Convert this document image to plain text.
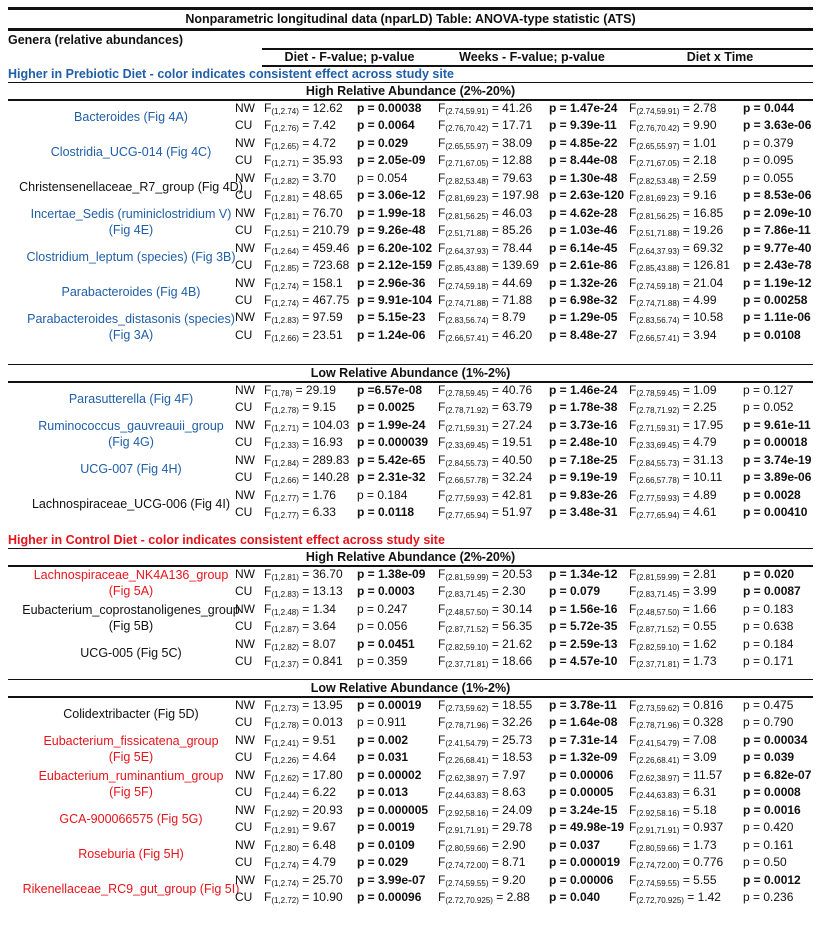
Nonparametric longitudinal data (nparLD) Table: ANOVA-type statistic (ATS)
Genera (relative abundances)
Diet - F-value; p-value	Weeks - F-value; p-value	Diet x Time
Higher in Prebiotic Diet - color indicates consistent effect across study site
High Relative Abundance (2%-20%)
Bacteroides (Fig 4A)
NW $F_{(1,2.74)} = 12.62$ p = 0.00038 $F_{(2.74,59.91)} = 41.26$ p = 1.47e-24 $F_{(2.74,59.91)} = 2.78$ p = 0.044
CU $F_{(1,2.76)} = 7.42$ p = 0.0064 $F_{(2.76,70.42)} = 17.71$ p = 9.39e-11 $F_{(2.76,70.42)} = 9.90$ p = 3.63e-06
Clostridia_UCG-014 (Fig 4C)
NW $F_{(1,2.65)} = 4.72$ p = 0.029 $F_{(2.65,55.97)} = 38.09$ p = 4.85e-22 $F_{(2.65,55.97)} = 1.01$ p = 0.379
CU $F_{(1,2.71)} = 35.93$ p = 2.05e-09 $F_{(2.71,67.05)} = 12.88$ p = 8.44e-08 $F_{(2.71,67.05)} = 2.18$ p = 0.095
Christensenellaceae_R7_group (Fig 4D)
NW $F_{(1,2.82)} = 3.70$ p = 0.054	$F_{(2.82,53.48)} = 79.63$ p = 1.30e-48 $F_{(2.82,53.48)} = 2.59$ p = 0.055
CU $F_{(1,2.81)} = 48.65$ p = 3.06e-12 $F_{(2.81,69.23)} = 197.98$ p = 2.63e-120 $F_{(2.81,69.23)} = 9.16$ p = 8.53e-06
Incertae_Sedis (ruminiclostridium V)
(Fig 4E)
NW $F_{(1,2.81)} = 76.70$ p = 1.99e-18 $F_{(2.81,56.25)} = 46.03$ p = 4.62e-28 $F_{(2.81,56.25)} = 16.85$ p = 2.09e-10
CU $F_{(1,2.51)} = 210.79$ p = 9.26e-48 $F_{(2.51,71.88)} = 85.26$ p = 1.03e-46 $F_{(2.51,71.88)} = 19.26$ p = 7.86e-11
Clostridium_leptum (species) (Fig 3B)
NW $F_{(1,2.64)} = 459.46$ p = 6.20e-102 $F_{(2.64,37.93)} = 78.44$ p = 6.14e-45 $F_{(2.64,37.93)} = 69.32$ p = 9.77e-40
CU $F_{(1,2.85)} = 723.68$ p = 2.12e-159 $F_{(2.85,43.88)} = 139.69$ p = 2.61e-86 $F_{(2.85,43.88)} = 126.81$ p = 2.43e-78
Parabacteroides (Fig 4B)
NW $F_{(1,2.74)} = 158.1$ p = 2.96e-36 $F_{(2.74,59.18)} = 44.69$ p = 1.32e-26 $F_{(2.74,59.18)} = 21.04$ p = 1.19e-12
CU $F_{(1,2.74)} = 467.75$ p = 9.91e-104 $F_{(2.74,71.88)} = 71.88$ p = 6.98e-32 $F_{(2.74,71.88)} = 4.99$ p = 0.00258
Parabacteroides_distasonis (species)
(Fig 3A)
NW $F_{(1,2.83)} = 97.59$ p = 5.15e-23 $F_{(2.83,56.74)} = 8.79$ p = 1.29e-05 $F_{(2.83,56.74)} = 10.58$ p = 1.11e-06
CU $F_{(1,2.66)} = 23.51$ p = 1.24e-06 $F_{(2.66,57.41)} = 46.20$ p = 8.48e-27 $F_{(2.66,57.41)} = 3.94$ p = 0.0108
Low Relative Abundance (1%-2%)
Parasutterella (Fig 4F)
NW $F_{(1,78)} = 29.19$ p =6.57e-08 $F_{(2.78,59.45)} = 40.76$ p = 1.46e-24 $F_{(2.78,59.45)} = 1.09$ p = 0.127
CU $F_{(1,2.78)} = 9.15$ p = 0.0025 $F_{(2.78,71.92)} = 63.79$ p = 1.78e-38 $F_{(2.78,71.92)} = 2.25$ p = 0.052
Ruminococcus_gauvreauii_group
(Fig 4G)
NW $F_{(1,2.71)} = 104.03$ p = 1.99e-24 $F_{(2.71,59.31)} = 27.24$ p = 3.73e-16 $F_{(2.71,59.31)} = 17.95$ p = 9.61e-11
CU $F_{(1,2.33)} = 16.93$ p = 0.000039 $F_{(2.33,69.45)} = 19.51$ p = 2.48e-10 $F_{(2.33,69.45)} = 4.79$ p = 0.00018
UCG-007 (Fig 4H)
NW $F_{(1,2.84)} = 289.83$ p = 5.42e-65 $F_{(2.84,55.73)} = 40.50$ p = 7.18e-25 $F_{(2.84,55.73)} = 31.13$ p = 3.74e-19
CU $F_{(1,2.66)} = 140.28$ p = 2.31e-32 $F_{(2.66,57.78)} = 32.24$ p = 9.19e-19 $F_{(2.66,57.78)} = 10.11$ p = 3.89e-06
Lachnospiraceae_UCG-006 (Fig 4I)
NW $F_{(1,2.77)} = 1.76$ p = 0.184	$F_{(2.77,59.93)} = 42.81$ p = 9.83e-26 $F_{(2.77,59.93)} = 4.89$ p = 0.0028
CU $F_{(1,2.77)} = 6.33$ p = 0.0118 $F_{(2.77,65.94)} = 51.97$ p = 3.48e-31 $F_{(2.77,65.94)} = 4.61$ p = 0.00410
Higher in Control Diet - color indicates consistent effect across study site
High Relative Abundance (2%-20%)
Lachnospiraceae_NK4A136_group
(Fig 5A)
NW $F_{(1,2.81)} = 36.70$ p = 1.38e-09 $F_{(2.81,59.99)} = 20.53$ p = 1.34e-12 $F_{(2.81,59.99)} = 2.81$ p = 0.020
CU $F_{(1,2.83)} = 13.13$ p = 0.0003 $F_{(2.83,71.45)} = 2.30$ p = 0.079 $F_{(2.83,71.45)} = 3.99$ p = 0.0087
Eubacterium_coprostanoligenes_group
(Fig 5B)
NW $F_{(1,2.48)} = 1.34$ p = 0.247	$F_{(2.48,57.50)} = 30.14$ p = 1.56e-16 $F_{(2.48,57.50)} = 1.66$ p = 0.183
CU $F_{(1,2.87)} = 3.64$ p = 0.056	$F_{(2.87,71.52)} = 56.35$ p = 5.72e-35 $F_{(2.87,71.52)} = 0.55$ p = 0.638
UCG-005 (Fig 5C)
NW $F_{(1,2.82)} = 8.07$ p = 0.0451 $F_{(2.82,59.10)} = 21.62$ p = 2.59e-13 $F_{(2.82,59.10)} = 1.62$ p = 0.184
CU $F_{(1,2.37)} = 0.841$ p = 0.359	$F_{(2.37,71.81)} = 18.66$ p = 4.57e-10 $F_{(2.37,71.81)} = 1.73$ p = 0.171
Low Relative Abundance (1%-2%)
Colidextribacter (Fig 5D)
NW $F_{(1,2.73)} = 13.95$ p = 0.00019 $F_{(2.73,59.62)} = 18.55$ p = 3.78e-11 $F_{(2.73,59.62)} = 0.816$ p = 0.475
CU $F_{(1,2.78)} = 0.013$ p = 0.911	$F_{(2.78,71.96)} = 32.26$ p = 1.64e-08 $F_{(2.78,71.96)} = 0.328$ p = 0.790
Eubacterium_fissicatena_group
(Fig 5E)
NW $F_{(1,2.41)} = 9.51$ p = 0.002 $F_{(2.41,54.79)} = 25.73$ p = 7.31e-14 $F_{(2.41,54.79)} = 7.08$ p = 0.00034
CU $F_{(1,2.26)} = 4.64$ p = 0.031 $F_{(2.26,68.41)} = 18.53$ p = 1.32e-09 $F_{(2.26,68.41)} = 3.09$ p = 0.039
Eubacterium_ruminantium_group
(Fig 5F)
NW $F_{(1,2.62)} = 17.80$ p = 0.00002 $F_{(2.62,38.97)} = 7.97$ p = 0.00006 $F_{(2.62,38.97)} = 11.57$ p = 6.82e-07
CU $F_{(1,2.44)} = 6.22$ p = 0.013 $F_{(2.44,63.83)} = 8.63$ p = 0.00005 $F_{(2.44,63.83)} = 6.31$ p = 0.0008
GCA-900066575 (Fig 5G)
NW $F_{(1,2.92)} = 20.93$ p = 0.000005 $F_{(2.92,58.16)} = 24.09$ p = 3.24e-15 $F_{(2.92,58.16)} = 5.18$ p = 0.0016
CU $F_{(1,2.91)} = 9.67$ p = 0.0019 $F_{(2.91,71.91)} = 29.78$ p = 49.98e-19 $F_{(2.91,71.91)} = 0.937$ p = 0.420
Roseburia (Fig 5H)
NW $F_{(1,2.80)} = 6.48$ p = 0.0109 $F_{(2.80,59.66)} = 2.90$ p = 0.037 $F_{(2.80,59.66)} = 1.73$ p = 0.161
CU $F_{(1,2.74)} = 4.79$ p = 0.029 $F_{(2.74,72.00)} = 8.71$ p = 0.000019 $F_{(2.74,72.00)} = 0.776$ p = 0.50
Rikenellaceae_RC9_gut_group (Fig 5I)
NW $F_{(1,2.74)} = 25.70$ p = 3.99e-07 $F_{(2.74,59.55)} = 9.20$ p = 0.00006 $F_{(2.74,59.55)} = 5.55$ p = 0.0012
CU $F_{(1,2.72)} = 10.90$ p = 0.00096 $F_{(2.72,70.925)} = 2.88$ p = 0.040 $F_{(2.72,70.925)} = 1.42$ p = 0.236
